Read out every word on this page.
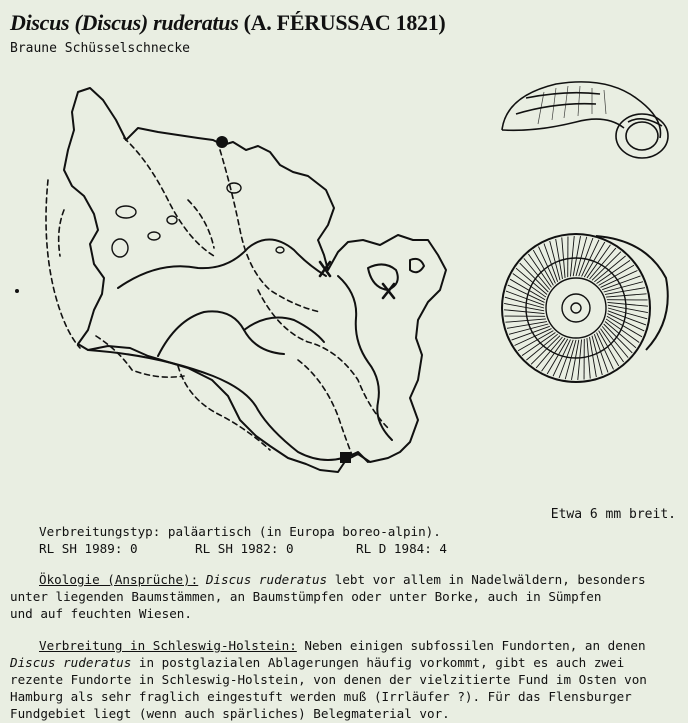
Discus (Discus) ruderatus (A. FÉRUSSAC 1821)
Braune Schüsselschnecke
Etwa 6 mm breit.
Verbreitungstyp: paläartisch (in Europa boreo-alpin).
RL SH 1989: 0	RL SH 1982: 0	RL D 1984: 4
Ökologie (Ansprüche): Discus ruderatus lebt vor allem in Nadelwäldern, besonders
unter liegenden Baumstämmen, an Baumstümpfen oder unter Borke, auch in Sümpfen
und auf feuchten Wiesen.
Verbreitung in Schleswig-Holstein: Neben einigen subfossilen Fundorten, an denen
Discus ruderatus in postglazialen Ablagerungen häufig vorkommt, gibt es auch zwei
rezente Fundorte in Schleswig-Holstein, von denen der vielzitierte Fund im Osten von
Hamburg als sehr fraglich eingestuft werden muß (Irrläufer ?). Für das Flensburger
Fundgebiet liegt (wenn auch spärliches) Belegmaterial vor.
